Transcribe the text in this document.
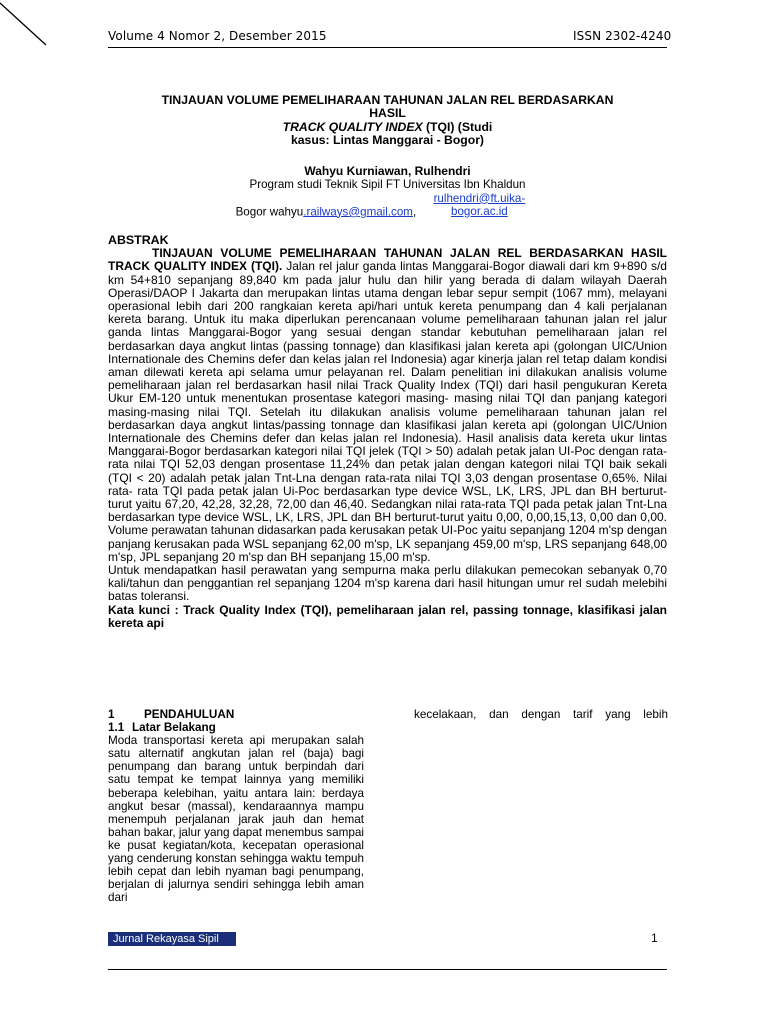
Volume 4 Nomor 2, Desember 2015	ISSN 2302-4240
TINJAUAN VOLUME PEMELIHARAAN TAHUNAN JALAN REL BERDASARKAN
HASIL
TRACK QUALITY INDEX (TQI) (Studi
kasus: Lintas Manggarai - Bogor)
Wahyu Kurniawan, Rulhendri
Program studi Teknik Sipil FT Universitas Ibn Khaldun
Bogor wahyu.railways@gmail.com, rulhendri@ft.uika-bogor.ac.id
ABSTRAK

TINJAUAN VOLUME PEMELIHARAAN TAHUNAN JALAN REL BERDASARKAN HASIL TRACK QUALITY INDEX (TQI). Jalan rel jalur ganda lintas Manggarai-Bogor diawali dari km 9+890 s/d km 54+810 sepanjang 89,840 km pada jalur hulu dan hilir yang berada di dalam wilayah Daerah Operasi/DAOP I Jakarta dan merupakan lintas utama dengan lebar sepur sempit (1067 mm), melayani operasional lebih dari 200 rangkaian kereta api/hari untuk kereta penumpang dan 4 kali perjalanan kereta barang. Untuk itu maka diperlukan perencanaan volume pemeliharaan tahunan jalan rel jalur ganda lintas Manggarai-Bogor yang sesuai dengan standar kebutuhan pemeliharaan jalan rel berdasarkan daya angkut lintas (passing tonnage) dan klasifikasi jalan kereta api (golongan UIC/Union Internationale des Chemins defer dan kelas jalan rel Indonesia) agar kinerja jalan rel tetap dalam kondisi aman dilewati kereta api selama umur pelayanan rel. Dalam penelitian ini dilakukan analisis volume pemeliharaan jalan rel berdasarkan hasil nilai Track Quality Index (TQI) dari hasil pengukuran Kereta Ukur EM-120 untuk menentukan prosentase kategori masing- masing nilai TQI dan panjang kategori masing-masing nilai TQI. Setelah itu dilakukan analisis volume pemeliharaan tahunan jalan rel berdasarkan daya angkut lintas/passing tonnage dan klasifikasi jalan kereta api (golongan UIC/Union Internationale des Chemins defer dan kelas jalan rel Indonesia). Hasil analisis data kereta ukur lintas Manggarai-Bogor berdasarkan kategori nilai TQI jelek (TQI > 50) adalah petak jalan UI-Poc dengan rata-rata nilai TQI 52,03 dengan prosentase 11,24% dan petak jalan dengan kategori nilai TQI baik sekali (TQI < 20) adalah petak jalan Tnt-Lna dengan rata-rata nilai TQI 3,03 dengan prosentase 0,65%. Nilai rata- rata TQI pada petak jalan Ui-Poc berdasarkan type device WSL, LK, LRS, JPL dan BH berturut- turut yaitu 67,20, 42,28, 32,28, 72,00 dan 46,40. Sedangkan nilai rata-rata TQI pada petak jalan Tnt-Lna berdasarkan type device WSL, LK, LRS, JPL dan BH berturut-turut yaitu 0,00, 0,00,15,13, 0,00 dan 0,00. Volume perawatan tahunan didasarkan pada kerusakan petak UI-Poc yaitu sepanjang 1204 m'sp dengan panjang kerusakan pada WSL sepanjang 62,00 m'sp, LK sepanjang 459,00 m'sp, LRS sepanjang 648,00 m'sp, JPL sepanjang 20 m'sp dan BH sepanjang 15,00 m'sp.

Untuk mendapatkan hasil perawatan yang sempurna maka perlu dilakukan pemecokan sebanyak 0,70 kali/tahun dan penggantian rel sepanjang 1204 m'sp karena dari hasil hitungan umur rel sudah melebihi batas toleransi.

Kata kunci : Track Quality Index (TQI), pemeliharaan jalan rel, passing tonnage, klasifikasi jalan kereta api

1	PENDAHULUAN
1.1 Latar Belakang
Moda transportasi kereta api merupakan salah satu alternatif angkutan jalan rel (baja) bagi penumpang dan barang untuk berpindah dari satu tempat ke tempat lainnya yang memiliki beberapa kelebihan, yaitu antara lain: berdaya angkut besar (massal), kendaraannya mampu menempuh perjalanan jarak jauh dan hemat bahan bakar, jalur yang dapat menembus sampai ke pusat kegiatan/kota, kecepatan operasional yang cenderung konstan sehingga waktu tempuh lebih cepat dan lebih nyaman bagi penumpang, berjalan di jalurnya sendiri sehingga lebih aman dari
kecelakaan, dan dengan tarif yang lebih
Jurnal Rekayasa Sipil	1
